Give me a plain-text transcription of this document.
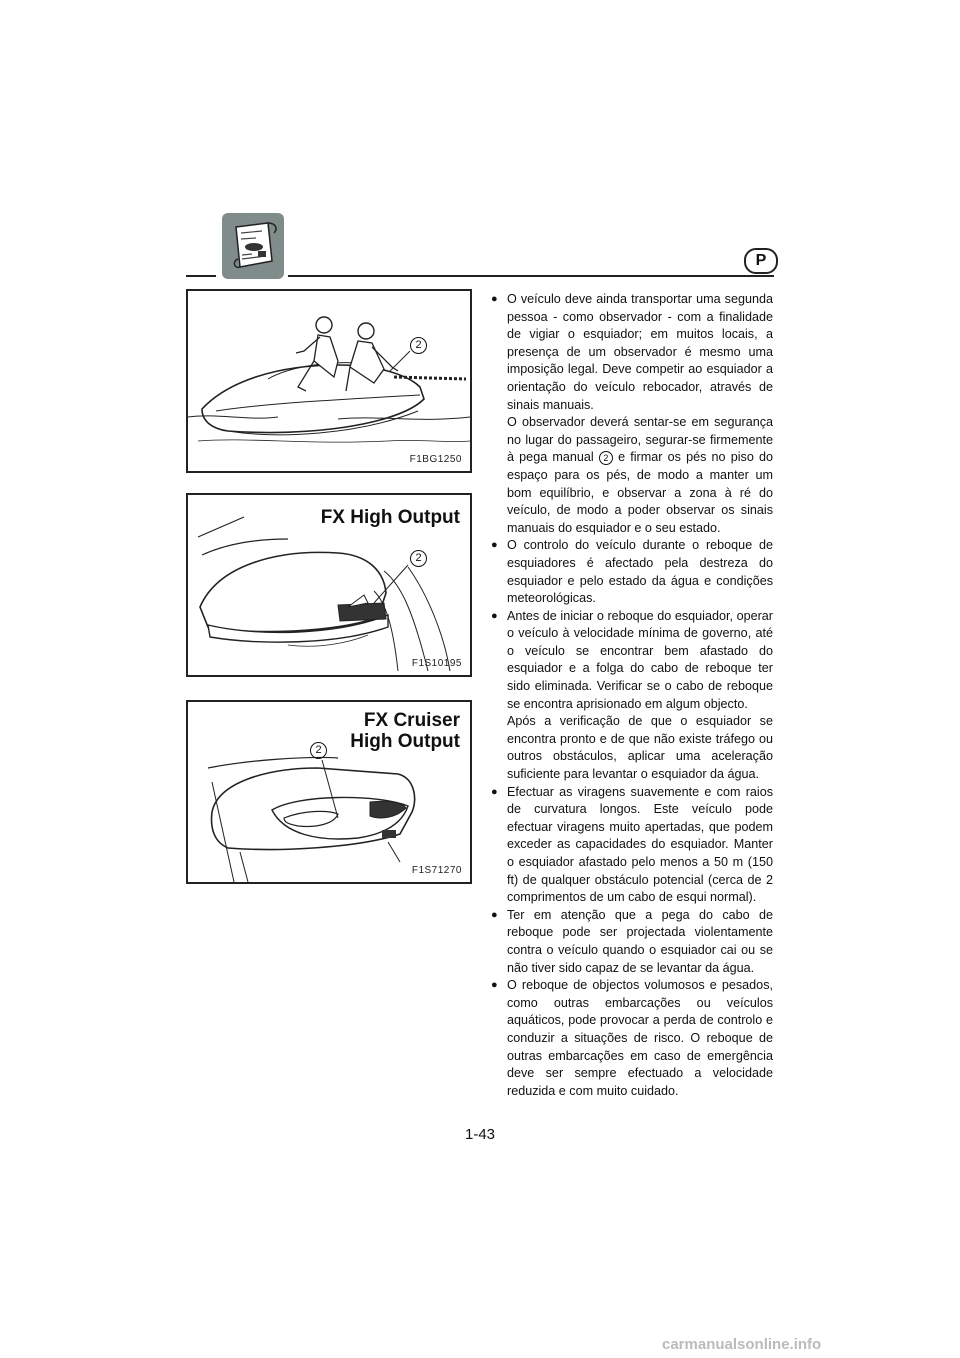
P
2
F1BG1250
FX High Output
2
F1S10195
FX Cruiser
High Output
2
F1S71270

● O veículo deve ainda transportar uma segunda pessoa - como observador - com a finalidade de vigiar o esquiador; em muitos locais, a presença de um observador é mesmo uma imposição legal. Deve competir ao esquiador a orientação do veículo rebocador, através de sinais manuais.

O observador deverá sentar-se em segurança no lugar do passageiro, segurar-se firmemente à pega manual 2 e firmar os pés no piso do espaço para os pés, de modo a manter um bom equilíbrio, e observar a zona à ré do veículo, de modo a poder observar os sinais manuais do esquiador e o seu estado.

● O controlo do veículo durante o reboque de esquiadores é afectado pela destreza do esquiador e pelo estado da água e condições meteorológicas.

● Antes de iniciar o reboque do esquiador, operar o veículo à velocidade mínima de governo, até o veículo se encontrar bem afastado do esquiador e a folga do cabo de reboque ter sido eliminada. Verificar se o cabo de reboque se encontra aprisionado em algum objecto.

Após a verificação de que o esquiador se encontra pronto e de que não existe tráfego ou outros obstáculos, aplicar uma aceleração suficiente para levantar o esquiador da água.

● Efectuar as viragens suavemente e com raios de curvatura longos. Este veículo pode efectuar viragens muito apertadas, que podem exceder as capacidades do esquiador. Manter o esquiador afastado pelo menos a 50 m (150 ft) de qualquer obstáculo potencial (cerca de 2 comprimentos de um cabo de esqui normal).

● Ter em atenção que a pega do cabo de reboque pode ser projectada violentamente contra o veículo quando o esquiador cai ou se não tiver sido capaz de se levantar da água.

● O reboque de objectos volumosos e pesados, como outras embarcações ou veículos aquáticos, pode provocar a perda de controlo e conduzir a situações de risco. O reboque de outras embarcações em caso de emergência deve ser sempre efectuado a velocidade reduzida e com muito cuidado.

1-43
carmanualsonline.info
